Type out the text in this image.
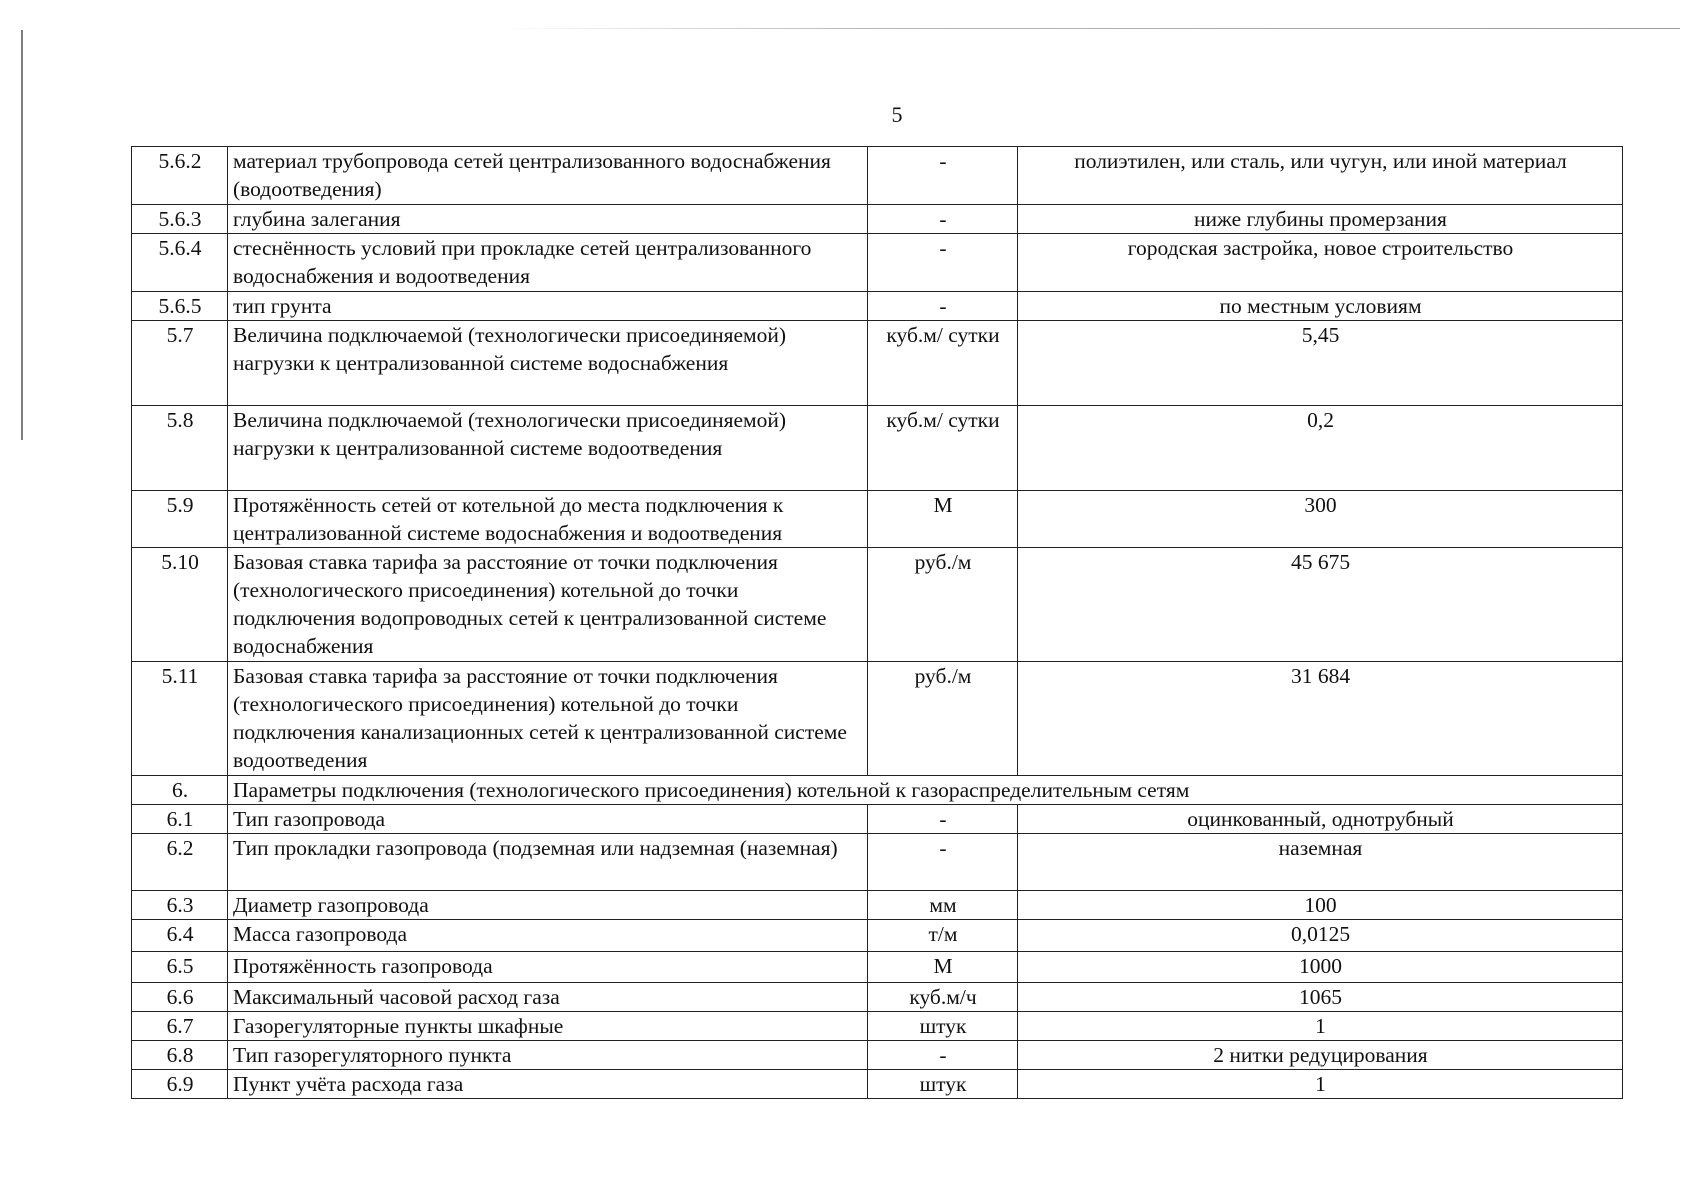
5
5.6.2	материал трубопровода сетей централизованного водоснабжения (водоотведения)	-	полиэтилен, или сталь, или чугун, или иной материал
5.6.3	глубина залегания	-	ниже глубины промерзания
5.6.4	стеснённость условий при прокладке сетей централизованного водоснабжения и водоотведения	-	городская застройка, новое строительство
5.6.5	тип грунта	-	по местным условиям
5.7	Величина подключаемой (технологически присоединяемой) нагрузки к централизованной системе водоснабжения	куб.м/ сутки	5,45
5.8	Величина подключаемой (технологически присоединяемой) нагрузки к централизованной системе водоотведения	куб.м/ сутки	0,2
5.9	Протяжённость сетей от котельной до места подключения к централизованной системе водоснабжения и водоотведения	М	300
5.10	Базовая ставка тарифа за расстояние от точки подключения (технологического присоединения) котельной до точки подключения водопроводных сетей к централизованной системе водоснабжения	руб./м	45 675
5.11	Базовая ставка тарифа за расстояние от точки подключения (технологического присоединения) котельной до точки подключения канализационных сетей к централизованной системе водоотведения	руб./м	31 684
6.	Параметры подключения (технологического присоединения) котельной к газораспределительным сетям		
6.1	Тип газопровода	-	оцинкованный, однотрубный
6.2	Тип прокладки газопровода (подземная или надземная (наземная)	-	наземная
6.3	Диаметр газопровода	мм	100
6.4	Масса газопровода	т/м	0,0125
6.5	Протяжённость газопровода	М	1000
6.6	Максимальный часовой расход газа	куб.м/ч	1065
6.7	Газорегуляторные пункты шкафные	штук	1
6.8	Тип газорегуляторного пункта	-	2 нитки редуцирования
6.9	Пункт учёта расхода газа	штук	1
